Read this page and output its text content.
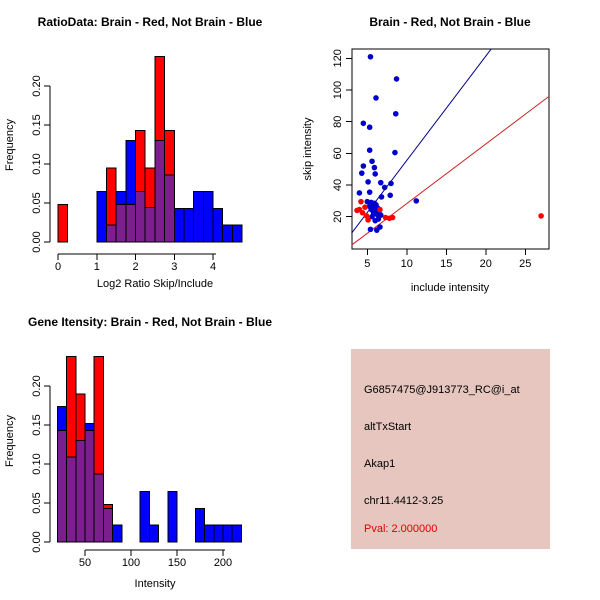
RatioData: Brain - Red, Not Brain - Blue	Brain - Red, Not Brain - Blue
Gene Itensity: Brain - Red, Not Brain - Blue
Frequency
Log2 Ratio Skip/Include
skip intensity
include intensity
Frequency
Intensity
0.00
0.05
0.10
0.15
0.20
0	1	2	3	4	5	10 15 20 25
20
40
60
80
100
120
0.00
0.05
0.10
0.15
0.20
50	100	150	200
G6857475@J913773_RC@i_at
altTxStart
Akap1
chr11.4412-3.25
Pval: 2.000000
